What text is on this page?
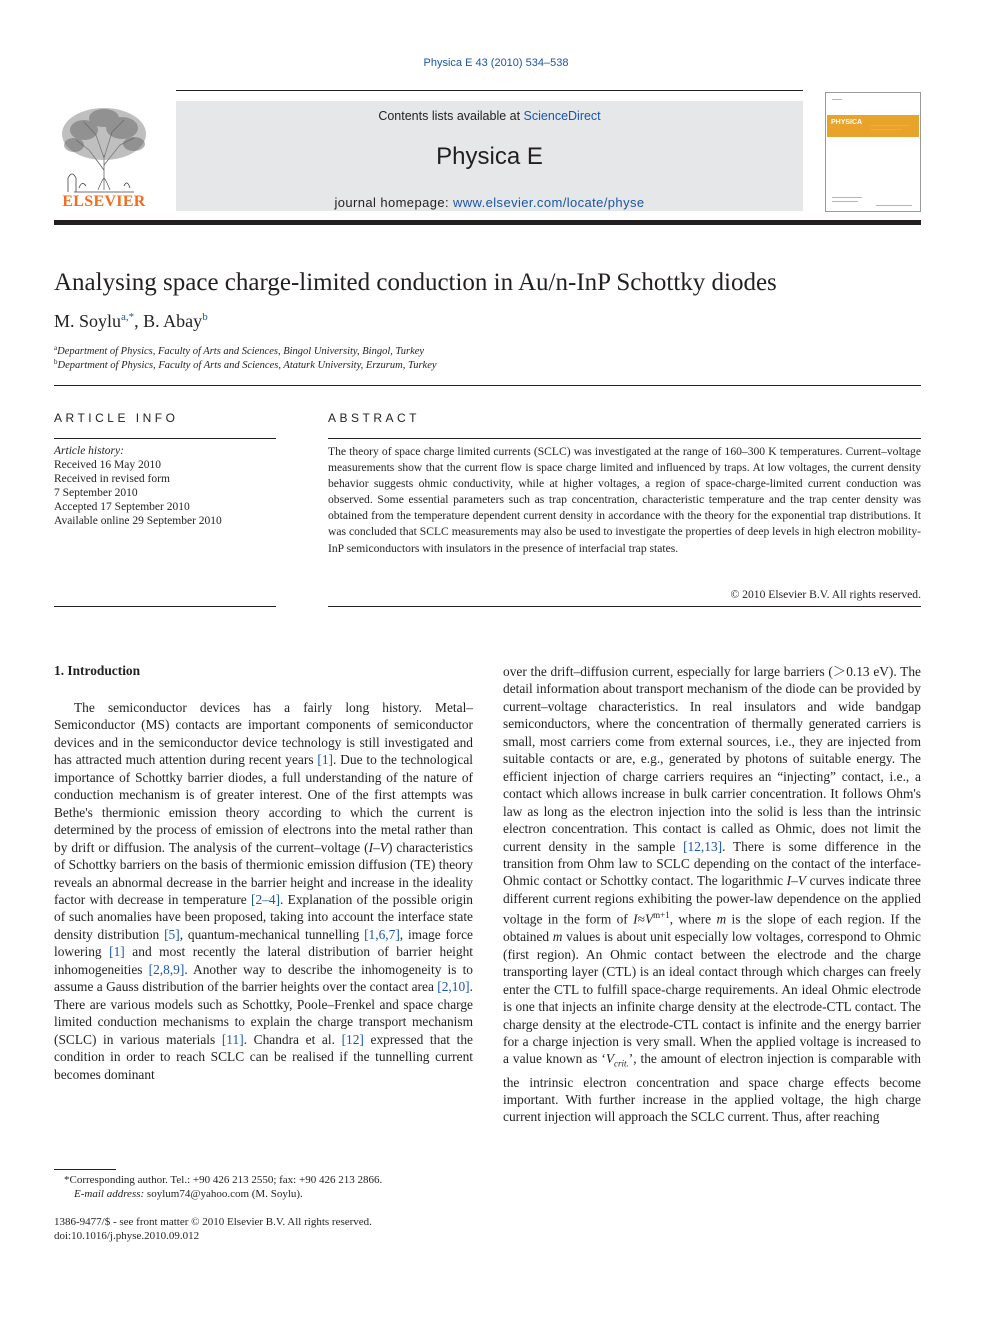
Physica E 43 (2010) 534–538
ELSEVIER
Contents lists available at ScienceDirect
Physica E
journal homepage: www.elsevier.com/locate/physe
PHYSICA
Analysing space charge-limited conduction in Au/n-InP Schottky diodes
M. Soylu$^{a,*}$, B. Abay$^b$
$^a$Department of Physics, Faculty of Arts and Sciences, Bingol University, Bingol, Turkey
$^b$Department of Physics, Faculty of Arts and Sciences, Ataturk University, Erzurum, Turkey
ARTICLE INFO	ABSTRACT
Article history:
Received 16 May 2010
Received in revised form
7 September 2010
Accepted 17 September 2010
Available online 29 September 2010
The theory of space charge limited currents (SCLC) was investigated at the range of 160–300 K temperatures. Current–voltage measurements show that the current flow is space charge limited and influenced by traps. At low voltages, the current density behavior suggests ohmic conductivity, while at higher voltages, a region of space-charge-limited current conduction was observed. Some essential parameters such as trap concentration, characteristic temperature and the trap center density was obtained from the temperature dependent current density in accordance with the theory for the exponential trap distributions. It was concluded that SCLC measurements may also be used to investigate the properties of deep levels in high electron mobility-InP semiconductors with insulators in the presence of interfacial trap states.
© 2010 Elsevier B.V. All rights reserved.
1. Introduction
The semiconductor devices has a fairly long history. Metal–Semiconductor (MS) contacts are important components of semiconductor devices and in the semiconductor device technology is still investigated and has attracted much attention during recent years [1]. Due to the technological importance of Schottky barrier diodes, a full understanding of the nature of conduction mechanism is of greater interest. One of the first attempts was Bethe's thermionic emission theory according to which the current is determined by the process of emission of electrons into the metal rather than by drift or diffusion. The analysis of the current–voltage (I–V) characteristics of Schottky barriers on the basis of thermionic emission diffusion (TE) theory reveals an abnormal decrease in the barrier height and increase in the ideality factor with decrease in temperature [2–4]. Explanation of the possible origin of such anomalies have been proposed, taking into account the interface state density distribution [5], quantum-mechanical tunnelling [1,6,7], image force lowering [1] and most recently the lateral distribution of barrier height inhomogeneities [2,8,9]. Another way to describe the inhomogeneity is to assume a Gauss distribution of the barrier heights over the contact area [2,10]. There are various models such as Schottky, Poole–Frenkel and space charge limited conduction mechanisms to explain the charge transport mechanism (SCLC) in various materials [11]. Chandra et al. [12] expressed that the condition in order to reach SCLC can be realised if the tunnelling current becomes dominant
over the drift–diffusion current, especially for large barriers (＞0.13 eV). The detail information about transport mechanism of the diode can be provided by current–voltage characteristics. In real insulators and wide bandgap semiconductors, where the concentration of thermally generated carriers is small, most carriers come from external sources, i.e., they are injected from suitable contacts or are, e.g., generated by photons of suitable energy. The efficient injection of charge carriers requires an “injecting” contact, i.e., a contact which allows increase in bulk carrier concentration. It follows Ohm's law as long as the electron injection into the solid is less than the intrinsic electron concentration. This contact is called as Ohmic, does not limit the current density in the sample [12,13]. There is some difference in the transition from Ohm law to SCLC depending on the contact of the interface-Ohmic contact or Schottky contact. The logarithmic I–V curves indicate three different current regions exhibiting the power-law dependence on the applied voltage in the form of $I\approx V^{m+1}$, where m is the slope of each region. If the obtained m values is about unit especially low voltages, correspond to Ohmic (first region). An Ohmic contact between the electrode and the charge transporting layer (CTL) is an ideal contact through which charges can freely enter the CTL to fulfill space-charge requirements. An ideal Ohmic electrode is one that injects an infinite charge density at the electrode-CTL contact. The charge density at the electrode-CTL contact is infinite and the energy barrier for a charge injection is very small. When the applied voltage is increased to a value known as ‘$V_{crit.}$’, the amount of electron injection is comparable with the intrinsic electron concentration and space charge effects become important. With further increase in the applied voltage, the high charge current injection will approach the SCLC current. Thus, after reaching
*Corresponding author. Tel.: +90 426 213 2550; fax: +90 426 213 2866.
E-mail address: soylum74@yahoo.com (M. Soylu).
1386-9477/$ - see front matter © 2010 Elsevier B.V. All rights reserved.
doi:10.1016/j.physe.2010.09.012
